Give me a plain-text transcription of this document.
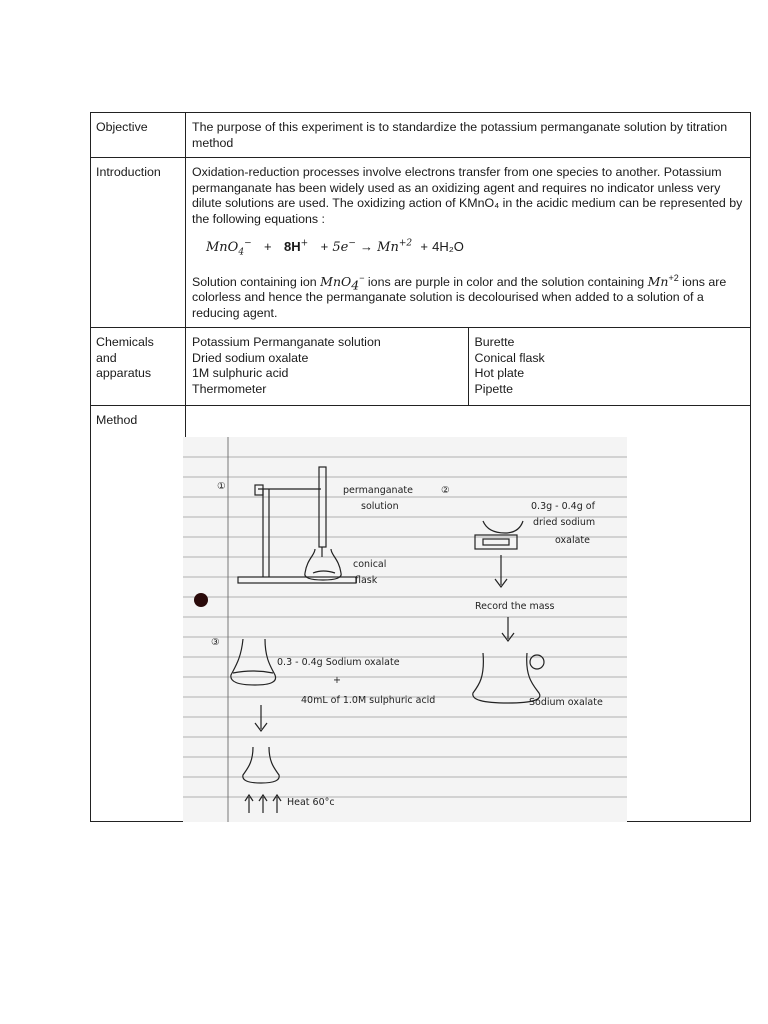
Objective	The purpose of this experiment is to standardize the potassium permanganate solution by titration method	
Introduction	Oxidation-reduction processes involve electrons transfer from one species to another. Potassium permanganate has been widely used as an oxidizing agent and requires no indicator unless very dilute solutions are used. The oxidizing action of KMnO₄ in the acidic medium can be represented by the following equations :
$MnO_4^- + 8H^+ + 5e^- \to Mn^{+2} + 4H_2O$
Solution containing ion MnO$_4$− ions are purple in color and the solution containing $Mn^{+2}$ ions are colorless and hence the permanganate solution is decolourised when added to a solution of a reducing agent.	

Chemicals
and
apparatus	Potassium Permanganate solution
Dried sodium oxalate
1M sulphuric acid
Thermometer	Burette
Conical flask
Hot plate
Pipette

Method		
①	②
③
permanganate
solution
conical
flask
0.3g - 0.4g of
dried sodium
oxalate
Record the mass
Sodium oxalate
0.3 - 0.4g Sodium oxalate
+
40mL of 1.0M sulphuric acid
Heat 60°c
